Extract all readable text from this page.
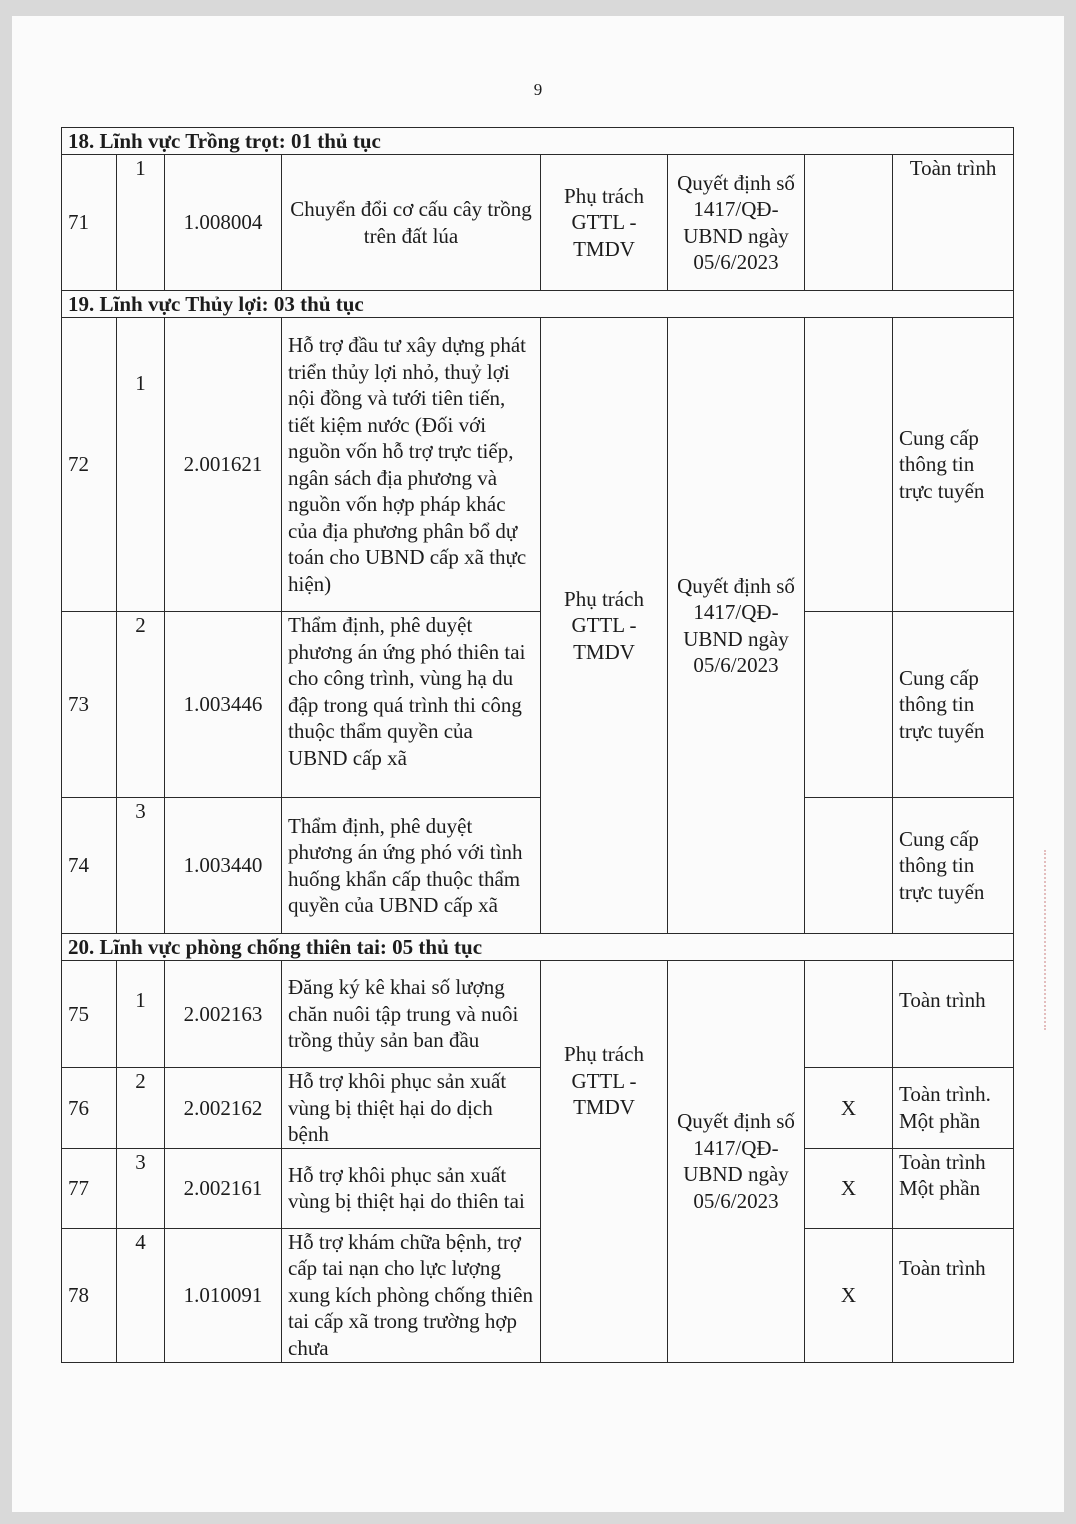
9
18. Lĩnh vực Trồng trọt: 01 thủ tục							
71	1	1.008004	Chuyển đổi cơ cấu cây trồng trên đất lúa	Phụ trách GTTL - TMDV	Quyết định số 1417/QĐ-UBND ngày 05/6/2023		Toàn trình
19. Lĩnh vực Thủy lợi: 03 thủ tục							
72	1	2.001621	Hỗ trợ đầu tư xây dựng phát triển thủy lợi nhỏ, thuỷ lợi nội đồng và tưới tiên tiến, tiết kiệm nước (Đối với nguồn vốn hỗ trợ trực tiếp, ngân sách địa phương và nguồn vốn hợp pháp khác của địa phương phân bổ dự toán cho UBND cấp xã thực hiện)	Phụ trách GTTL - TMDV	Quyết định số 1417/QĐ-UBND ngày 05/6/2023		Cung cấp thông tin trực tuyến
73	2	1.003446	Thẩm định, phê duyệt phương án ứng phó thiên tai cho công trình, vùng hạ du đập trong quá trình thi công thuộc thẩm quyền của UBND cấp xã				Cung cấp thông tin trực tuyến
74	3	1.003440	Thẩm định, phê duyệt phương án ứng phó với tình huống khẩn cấp thuộc thẩm quyền của UBND cấp xã				Cung cấp thông tin trực tuyến
20. Lĩnh vực phòng chống thiên tai: 05 thủ tục							
75	1	2.002163	Đăng ký kê khai số lượng chăn nuôi tập trung và nuôi trồng thủy sản ban đầu	Phụ trách GTTL - TMDV	Quyết định số 1417/QĐ-UBND ngày 05/6/2023		Toàn trình
76	2	2.002162	Hỗ trợ khôi phục sản xuất vùng bị thiệt hại do dịch bệnh			X	Toàn trình. Một phần
77	3	2.002161	Hỗ trợ khôi phục sản xuất vùng bị thiệt hại do thiên tai			X	Toàn trình Một phần
78	4	1.010091	Hỗ trợ khám chữa bệnh, trợ cấp tai nạn cho lực lượng xung kích phòng chống thiên tai cấp xã trong trường hợp chưa			X	Toàn trình
